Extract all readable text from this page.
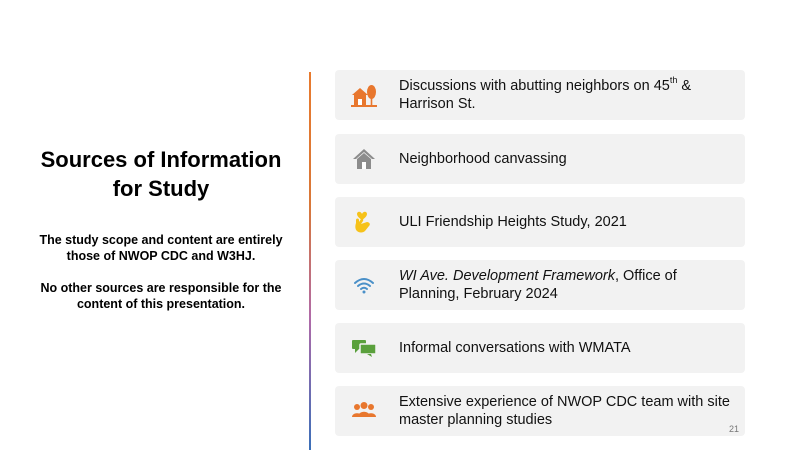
Sources of Information for Study

The study scope and content are entirely those of NWOP CDC and W3HJ.

No other sources are responsible for the content of this presentation.

Discussions with abutting neighbors on 45th & Harrison St.
Neighborhood canvassing
ULI Friendship Heights Study, 2021
WI Ave. Development Framework, Office of Planning, February 2024
Informal conversations with WMATA
Extensive experience of NWOP CDC team with site master planning studies
21
